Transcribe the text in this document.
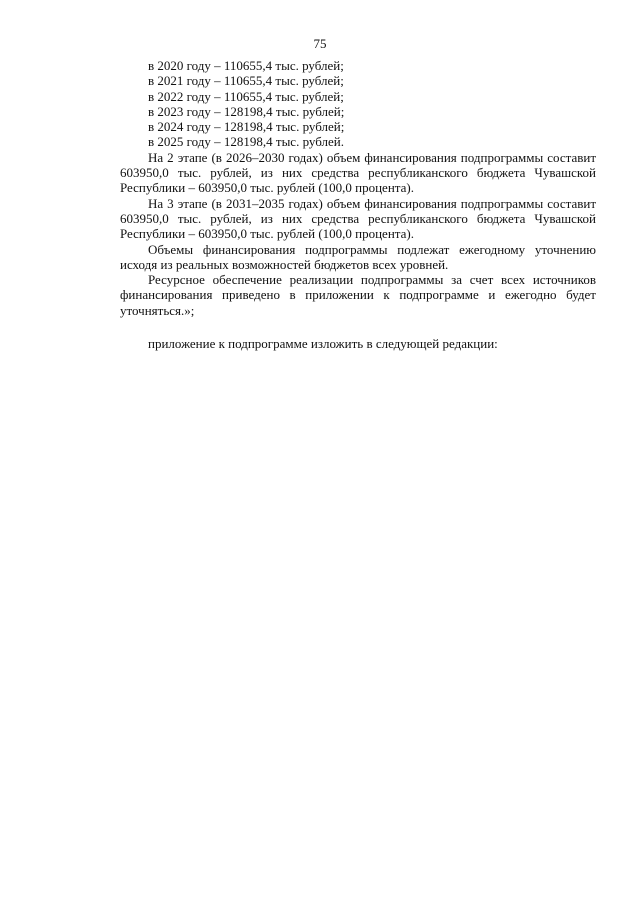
75

в 2020 году – 110655,4 тыс. рублей;

в 2021 году – 110655,4 тыс. рублей;

в 2022 году – 110655,4 тыс. рублей;

в 2023 году – 128198,4 тыс. рублей;

в 2024 году – 128198,4 тыс. рублей;

в 2025 году – 128198,4 тыс. рублей.

На 2 этапе (в 2026–2030 годах) объем финансирования подпрограммы составит 603950,0 тыс. рублей, из них средства республиканского бюджета Чувашской Республики – 603950,0 тыс. рублей (100,0 процента).

На 3 этапе (в 2031–2035 годах) объем финансирования подпрограммы составит 603950,0 тыс. рублей, из них средства республиканского бюджета Чувашской Республики – 603950,0 тыс. рублей (100,0 процента).

Объемы финансирования подпрограммы подлежат ежегодному уточнению исходя из реальных возможностей бюджетов всех уровней.

Ресурсное обеспечение реализации подпрограммы за счет всех источников финансирования приведено в приложении к подпрограмме и ежегодно будет уточняться.»;

приложение к подпрограмме изложить в следующей редакции:
